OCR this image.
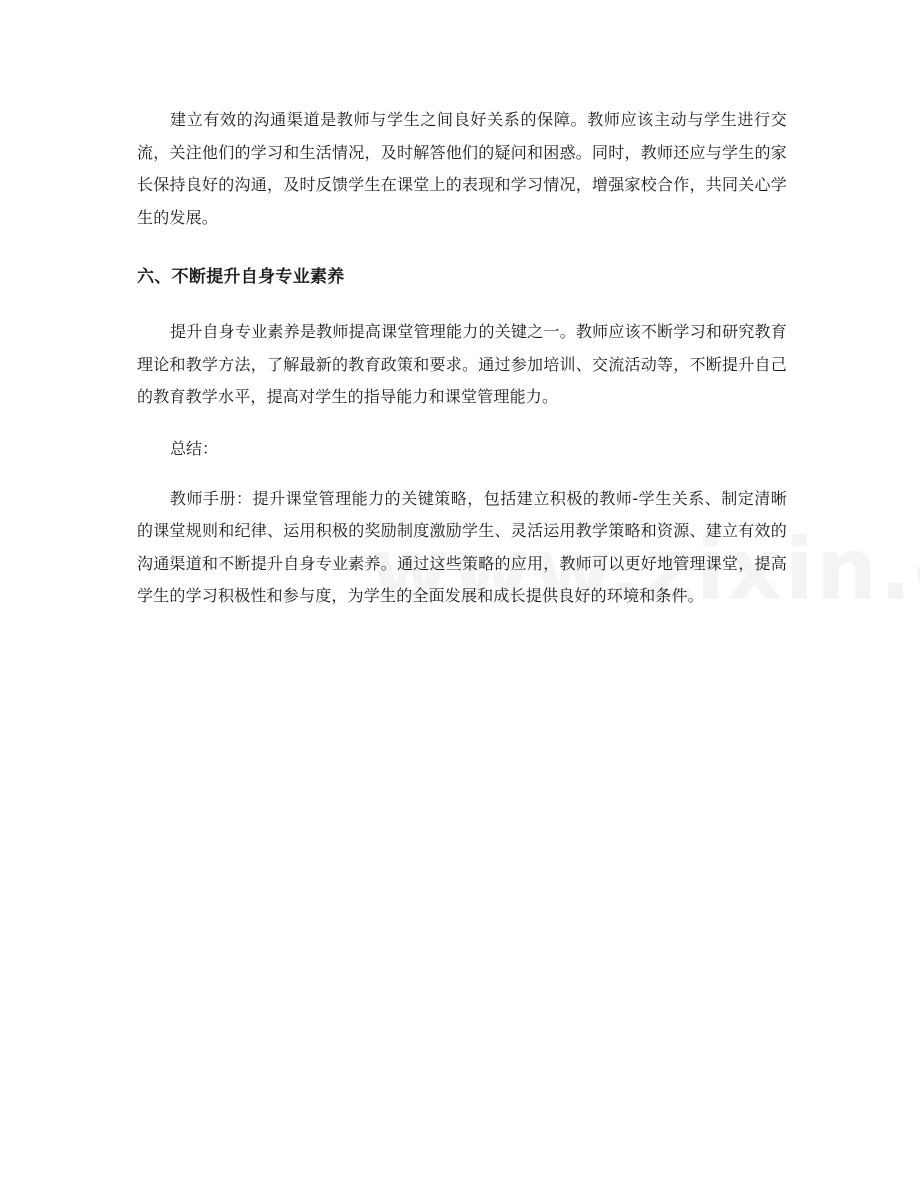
建立有效的沟通渠道是教师与学生之间良好关系的保障。教师应该主动与学生进行交流，关注他们的学习和生活情况，及时解答他们的疑问和困惑。同时，教师还应与学生的家长保持良好的沟通，及时反馈学生在课堂上的表现和学习情况，增强家校合作，共同关心学生的发展。

六、不断提升自身专业素养

提升自身专业素养是教师提高课堂管理能力的关键之一。教师应该不断学习和研究教育理论和教学方法，了解最新的教育政策和要求。通过参加培训、交流活动等，不断提升自己的教育教学水平，提高对学生的指导能力和课堂管理能力。

总结：

教师手册：提升课堂管理能力的关键策略，包括建立积极的教师-学生关系、制定清晰的课堂规则和纪律、运用积极的奖励制度激励学生、灵活运用教学策略和资源、建立有效的沟通渠道和不断提升自身专业素养。通过这些策略的应用，教师可以更好地管理课堂，提高学生的学习积极性和参与度，为学生的全面发展和成长提供良好的环境和条件。
